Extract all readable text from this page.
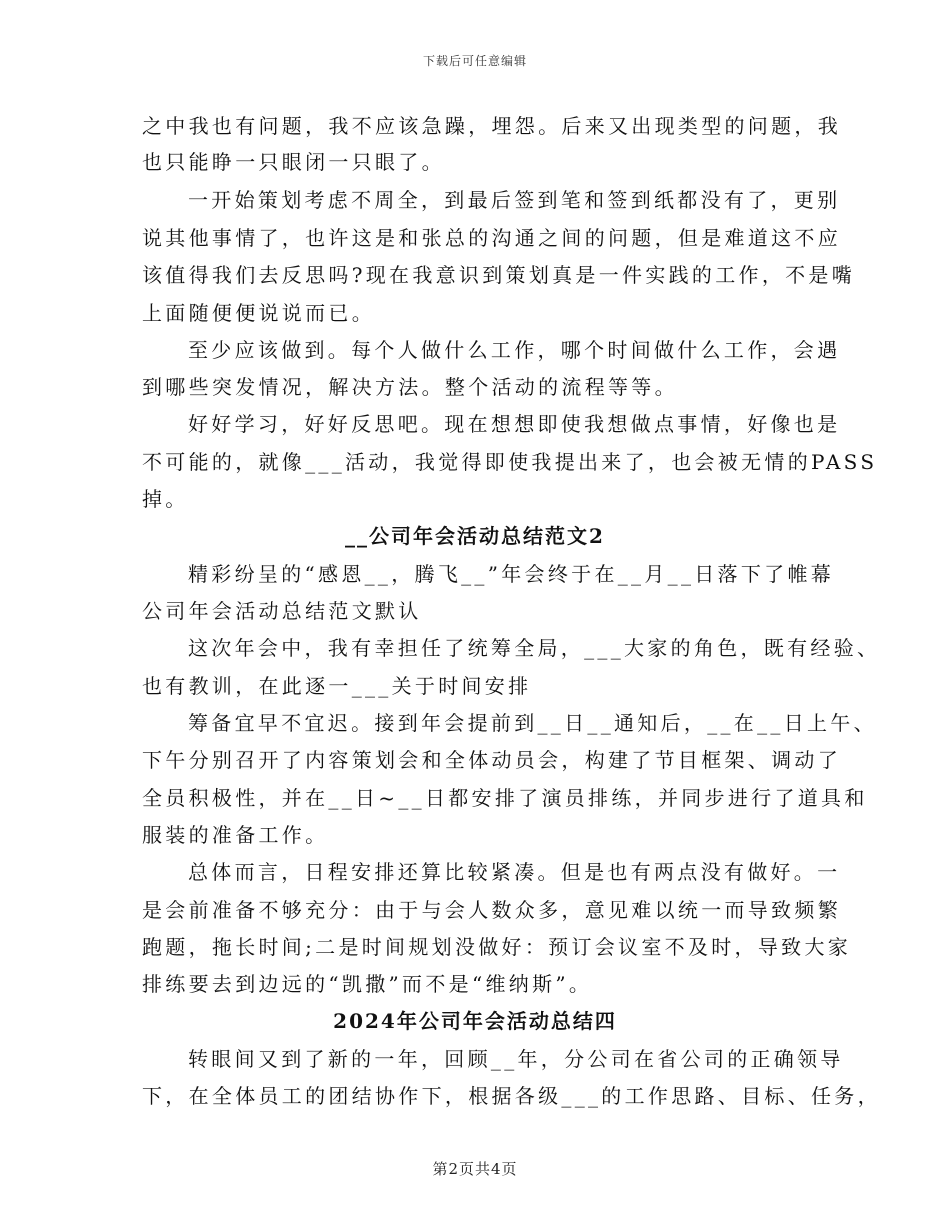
下载后可任意编辑
之中我也有问题，我不应该急躁，埋怨。后来又出现类型的问题，我
也只能睁一只眼闭一只眼了。
一开始策划考虑不周全，到最后签到笔和签到纸都没有了，更别
说其他事情了，也许这是和张总的沟通之间的问题，但是难道这不应
该值得我们去反思吗?现在我意识到策划真是一件实践的工作，不是嘴
上面随便便说说而已。
至少应该做到。每个人做什么工作，哪个时间做什么工作，会遇
到哪些突发情况，解决方法。整个活动的流程等等。
好好学习，好好反思吧。现在想想即使我想做点事情，好像也是
不可能的，就像___活动，我觉得即使我提出来了，也会被无情的PASS
掉。
__公司年会活动总结范文2
精彩纷呈的“感恩__，腾飞__”年会终于在__月__日落下了帷幕
公司年会活动总结范文默认
这次年会中，我有幸担任了统筹全局，___大家的角色，既有经验、
也有教训，在此逐一___关于时间安排
筹备宜早不宜迟。接到年会提前到__日__通知后，__在__日上午、
下午分别召开了内容策划会和全体动员会，构建了节目框架、调动了
全员积极性，并在__日~__日都安排了演员排练，并同步进行了道具和
服装的准备工作。
总体而言，日程安排还算比较紧凑。但是也有两点没有做好。一
是会前准备不够充分：由于与会人数众多，意见难以统一而导致频繁
跑题，拖长时间;二是时间规划没做好：预订会议室不及时，导致大家
排练要去到边远的“凯撒”而不是“维纳斯”。
2024年公司年会活动总结四
转眼间又到了新的一年，回顾__年，分公司在省公司的正确领导
下，在全体员工的团结协作下，根据各级___的工作思路、目标、任务，
第2页共4页
